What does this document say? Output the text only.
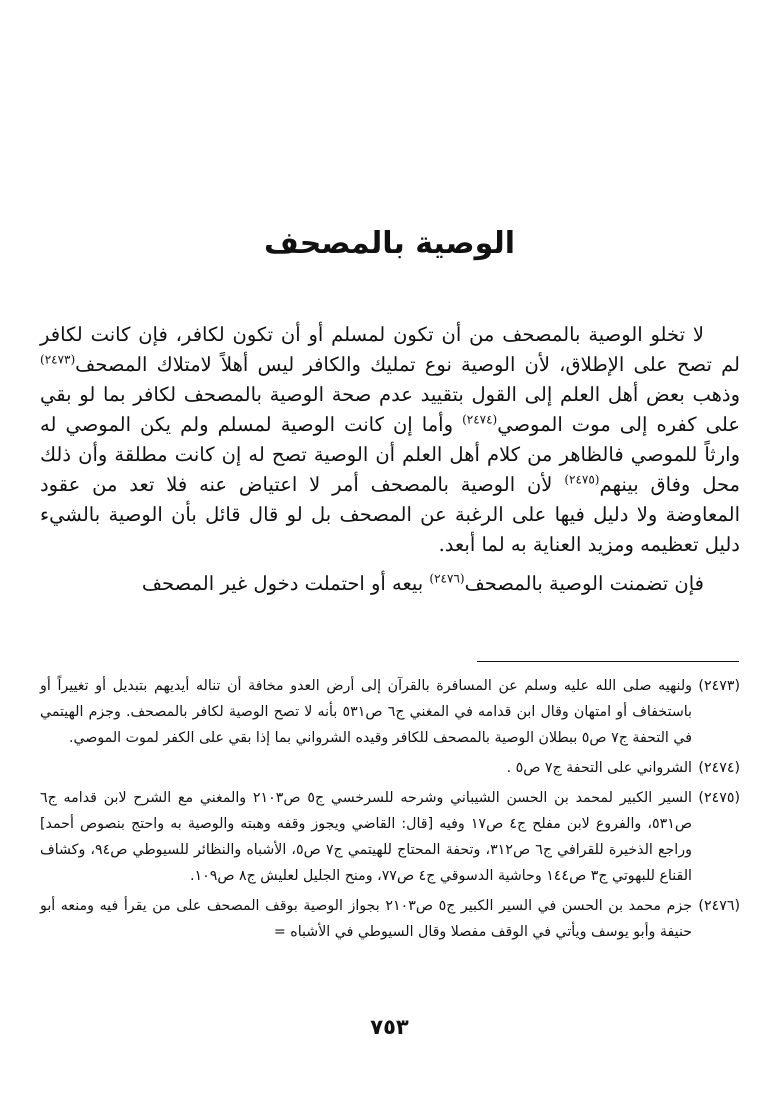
الوصية بالمصحف

لا تخلو الوصية بالمصحف من أن تكون لمسلم أو أن تكون لكافر، فإن كانت لكافر لم تصح على الإطلاق، لأن الوصية نوع تمليك والكافر ليس أهلاً لامتلاك المصحف$^{(٢٤٧٣)}$ وذهب بعض أهل العلم إلى القول بتقييد عدم صحة الوصية بالمصحف لكافر بما لو بقي على كفره إلى موت الموصي$^{(٢٤٧٤)}$ وأما إن كانت الوصية لمسلم ولم يكن الموصي له وارثاً للموصي فالظاهر من كلام أهل العلم أن الوصية تصح له إن كانت مطلقة وأن ذلك محل وفاق بينهم$^{(٢٤٧٥)}$ لأن الوصية بالمصحف أمر لا اعتياض عنه فلا تعد من عقود المعاوضة ولا دليل فيها على الرغبة عن المصحف بل لو قال قائل بأن الوصية بالشيء دليل تعظيمه ومزيد العناية به لما أبعد.

فإن تضمنت الوصية بالمصحف$^{(٢٤٧٦)}$ بيعه أو احتملت دخول غير المصحف

(٢٤٧٣)ولنهيه صلى الله عليه وسلم عن المسافرة بالقرآن إلى أرض العدو مخافة أن تناله أيديهم بتبديل أو تغييراً أو باستخفاف أو امتهان وقال ابن قدامه في المغني ج٦ ص٥٣١ بأنه لا تصح الوصية لكافر بالمصحف. وجزم الهيتمي في التحفة ج٧ ص٥ ببطلان الوصية بالمصحف للكافر وقيده الشرواني بما إذا بقي على الكفر لموت الموصي.

(٢٤٧٤)الشرواني على التحفة ج٧ ص٥ .

(٢٤٧٥)السير الكبير لمحمد بن الحسن الشيباني وشرحه للسرخسي ج٥ ص٢١٠٣ والمغني مع الشرح لابن قدامه ج٦ ص٥٣١، والفروع لابن مفلح ج٤ ص١٧ وفيه [قال: القاضي ويجوز وقفه وهبته والوصية به واحتج بنصوص أحمد] وراجع الذخيرة للقرافي ج٦ ص٣١٢، وتحفة المحتاج للهيتمي ج٧ ص٥، الأشباه والنظائر للسيوطي ص٩٤، وكشاف القناع للبهوتي ج٣ ص١٤٤ وحاشية الدسوقي ج٤ ص٧٧، ومنح الجليل لعليش ج٨ ص١٠٩.

(٢٤٧٦)جزم محمد بن الحسن في السير الكبير ج٥ ص٢١٠٣ بجواز الوصية بوقف المصحف على من يقرأ فيه ومنعه أبو حنيفة وأبو يوسف ويأتي في الوقف مفصلا وقال السيوطي في الأشباه =

٧٥٣
